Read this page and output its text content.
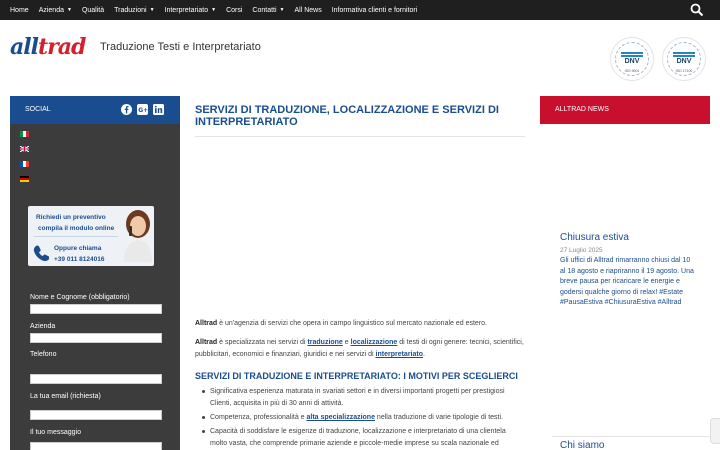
Home Azienda ▼ Qualità Traduzioni ▼ Interpretariato ▼ Corsi Contatti ▼ All News Informativa clienti e fornitori
alltrad Traduzione Testi e Interpretariato
DNV
ISO 9001
DNV
ISO 17100
SOCIAL	G+
Richiedi un preventivo
compila il modulo online
Oppure chiama
+39 011 8124016
Nome e Cognome (obbligatorio)
Azienda
Telefono
La tua email (richiesta)
Il tuo messaggio
SERVIZI DI TRADUZIONE, LOCALIZZAZIONE E SERVIZI DI INTERPRETARIATO

Alltrad è un'agenzia di servizi che opera in campo linguistico sul mercato nazionale ed estero.

Alltrad è specializzata nei servizi di traduzione e localizzazione di testi di ogni genere: tecnici, scientifici, pubblicitari, economici e finanziari, giuridici e nei servizi di interpretariato.

SERVIZI DI TRADUZIONE E INTERPRETARIATO: I MOTIVI PER SCEGLIERCI
Significativa esperienza maturata in svariati settori e in diversi importanti progetti per prestigiosi Clienti, acquisita in più di 30 anni di attività.
Competenza, professionalità e alta specializzazione nella traduzione di varie tipologie di testi.
Capacità di soddisfare le esigenze di traduzione, localizzazione e interpretariato di una clientela molto vasta, che comprende primarie aziende e piccole-medie imprese su scala nazionale ed
ALLTRAD NEWS
Chiusura estiva
27 Luglio 2025
Gli uffici di Alltrad rimarranno chiusi dal 10 al 18 agosto e riapriranno il 19 agosto. Una breve pausa per ricaricare le energie e godersi qualche giorno di relax! #Estate #PausaEstiva #ChiusuraEstiva #Alltrad
Chi siamo
